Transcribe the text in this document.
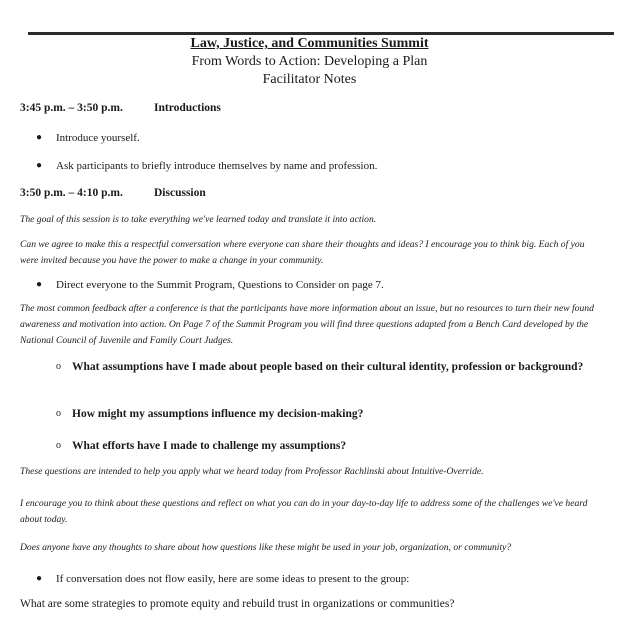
Law, Justice, and Communities Summit
From Words to Action: Developing a Plan
Facilitator Notes
3:45 p.m. – 3:50 p.m.	Introductions
● Introduce yourself.
● Ask participants to briefly introduce themselves by name and profession.
3:50 p.m. – 4:10 p.m.	Discussion
The goal of this session is to take everything we've learned today and translate it into action.
Can we agree to make this a respectful conversation where everyone can share their thoughts and ideas? I encourage you to think big. Each of you were invited because you have the power to make a change in your community.
● Direct everyone to the Summit Program, Questions to Consider on page 7.
The most common feedback after a conference is that the participants have more information about an issue, but no resources to turn their new found awareness and motivation into action. On Page 7 of the Summit Program you will find three questions adapted from a Bench Card developed by the National Council of Juvenile and Family Court Judges.
o What assumptions have I made about people based on their cultural identity, profession or background?
o How might my assumptions influence my decision-making?
o What efforts have I made to challenge my assumptions?
These questions are intended to help you apply what we heard today from Professor Rachlinski about Intuitive-Override.
I encourage you to think about these questions and reflect on what you can do in your day-to-day life to address some of the challenges we've heard about today.
Does anyone have any thoughts to share about how questions like these might be used in your job, organization, or community?
● If conversation does not flow easily, here are some ideas to present to the group:
What are some strategies to promote equity and rebuild trust in organizations or communities?
